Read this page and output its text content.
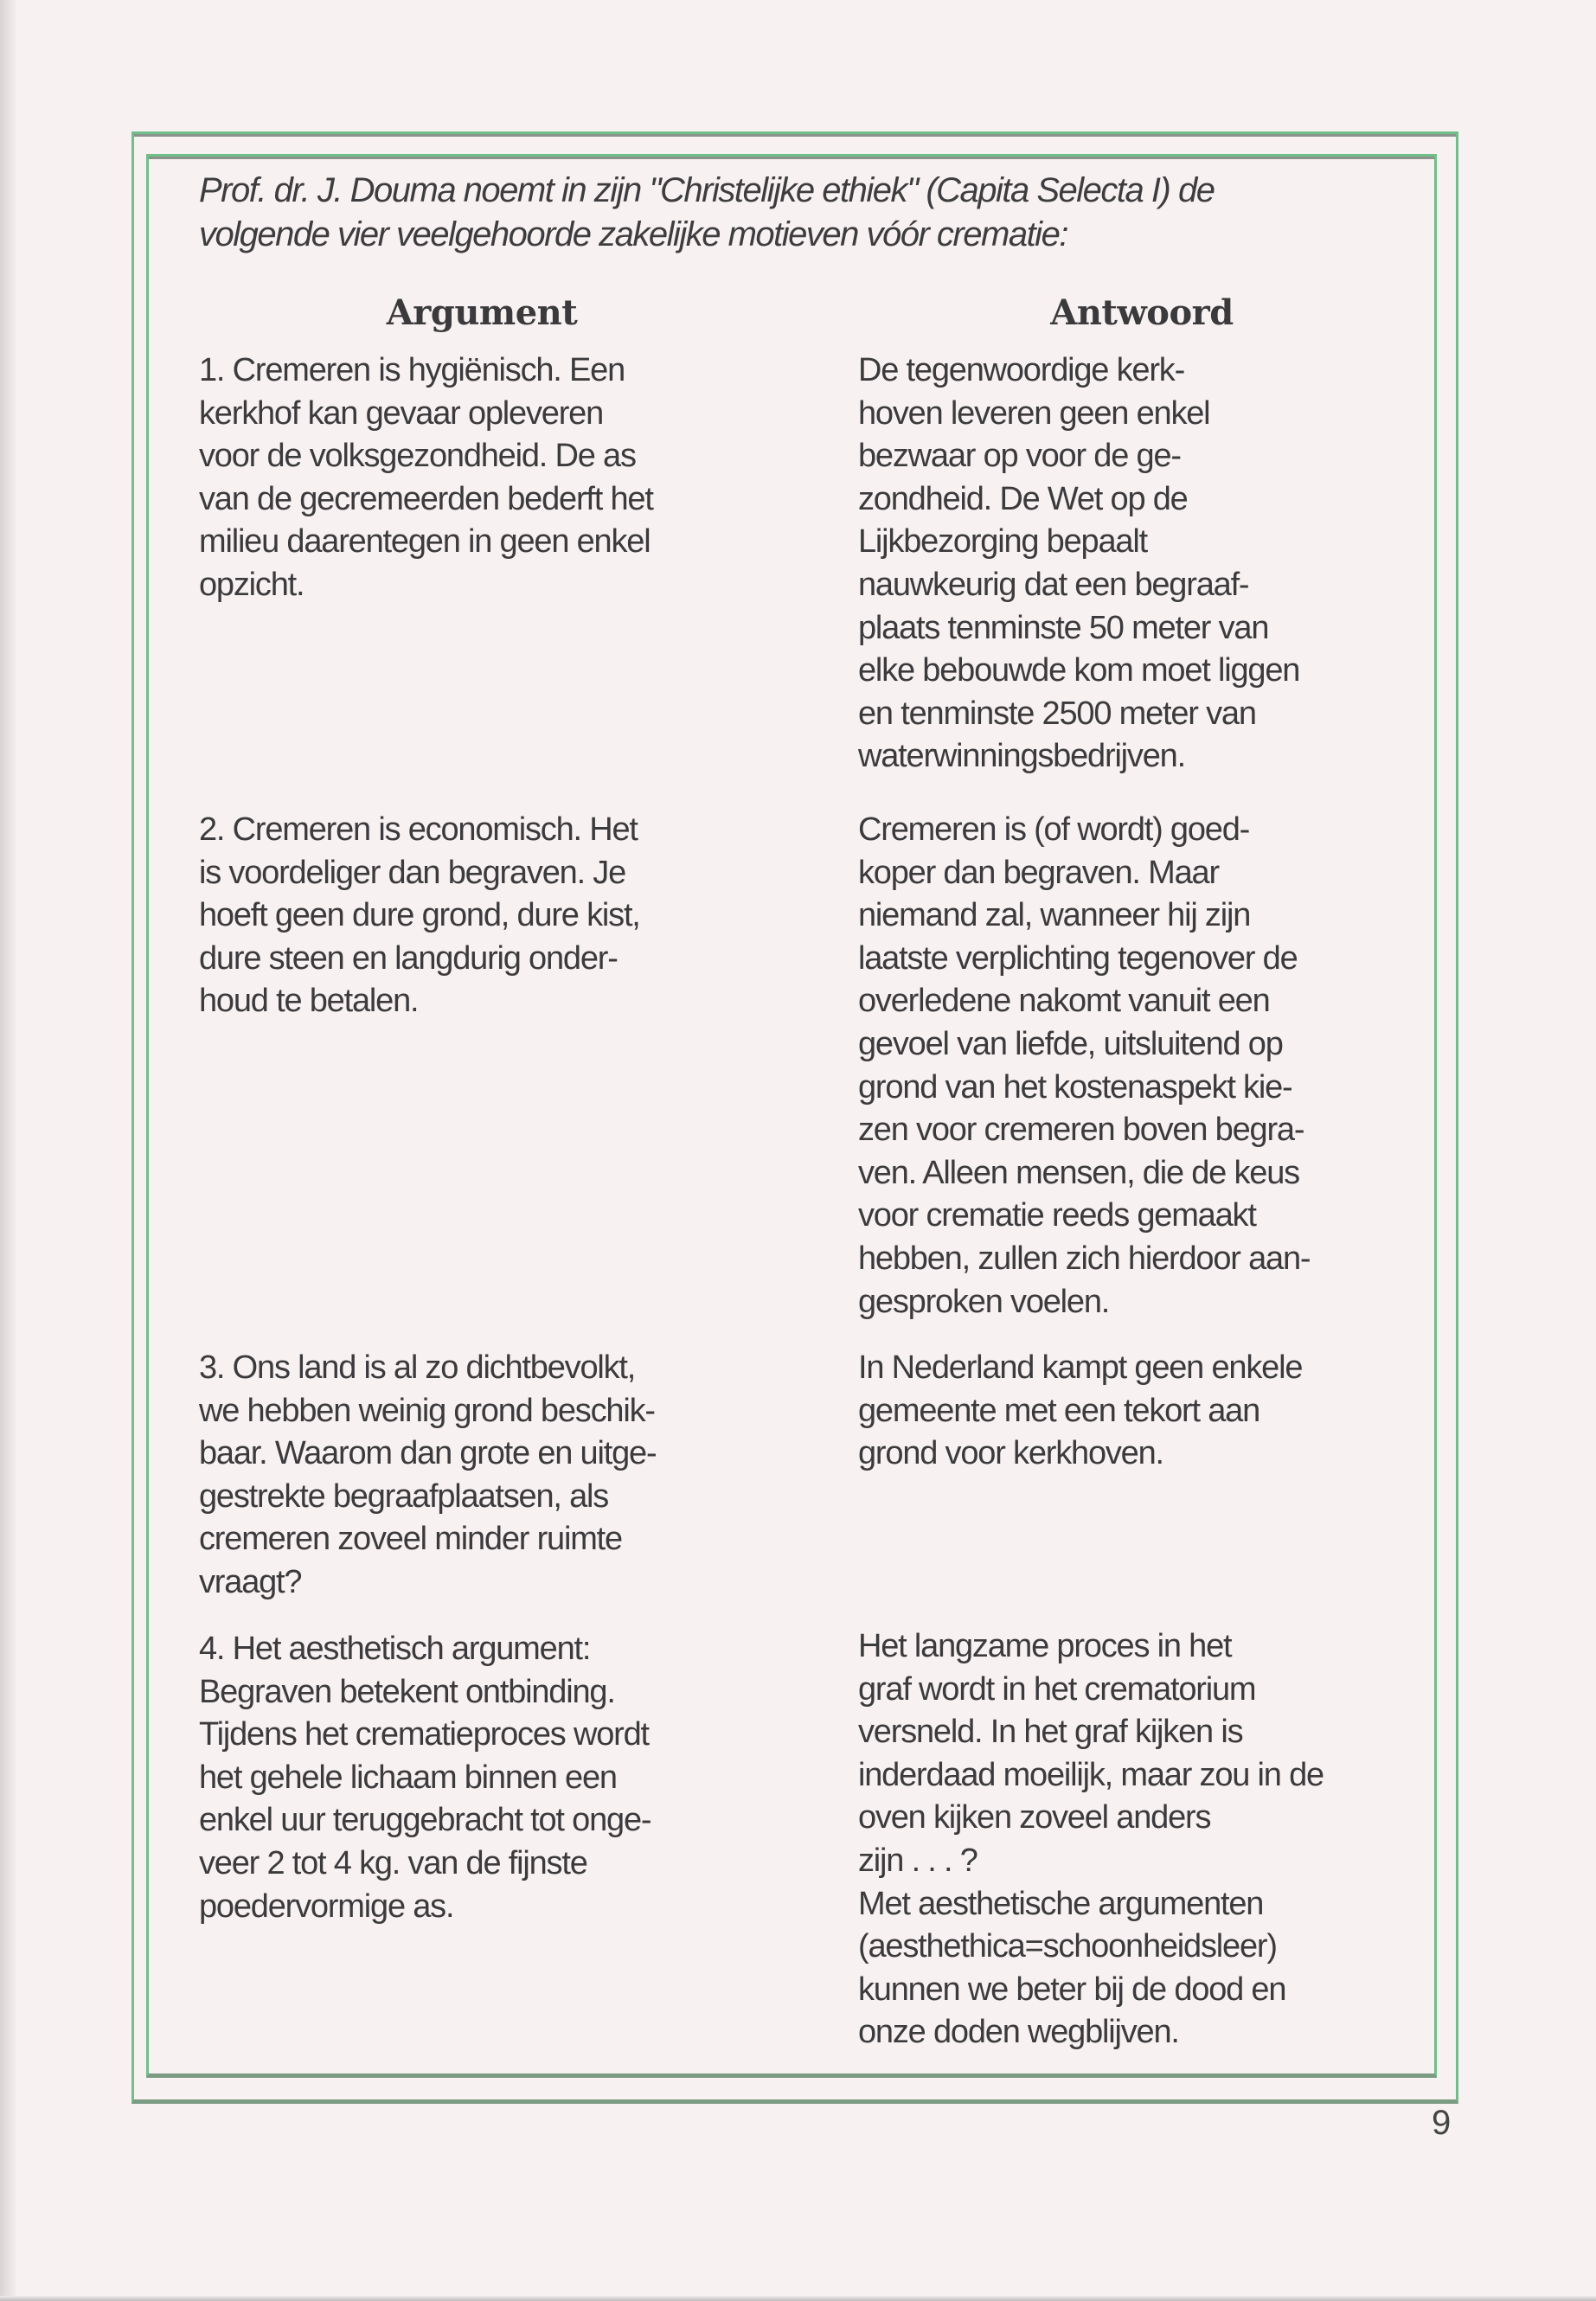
Prof. dr. J. Douma noemt in zijn "Christelijke ethiek" (Capita Selecta I) de
volgende vier veelgehoorde zakelijke motieven vóór crematie:
Argument	Antwoord
1. Cremeren is hygiënisch. Een
kerkhof kan gevaar opleveren
voor de volksgezondheid. De as
van de gecremeerden bederft het
milieu daarentegen in geen enkel
opzicht.
De tegenwoordige kerk-
hoven leveren geen enkel
bezwaar op voor de ge-
zondheid. De Wet op de
Lijkbezorging bepaalt
nauwkeurig dat een begraaf-
plaats tenminste 50 meter van
elke bebouwde kom moet liggen
en tenminste 2500 meter van
waterwinningsbedrijven.
2. Cremeren is economisch. Het
is voordeliger dan begraven. Je
hoeft geen dure grond, dure kist,
dure steen en langdurig onder-
houd te betalen.
Cremeren is (of wordt) goed-
koper dan begraven. Maar
niemand zal, wanneer hij zijn
laatste verplichting tegenover de
overledene nakomt vanuit een
gevoel van liefde, uitsluitend op
grond van het kostenaspekt kie-
zen voor cremeren boven begra-
ven. Alleen mensen, die de keus
voor crematie reeds gemaakt
hebben, zullen zich hierdoor aan-
gesproken voelen.
3. Ons land is al zo dichtbevolkt,
we hebben weinig grond beschik-
baar. Waarom dan grote en uitge-
gestrekte begraafplaatsen, als
cremeren zoveel minder ruimte
vraagt?
In Nederland kampt geen enkele
gemeente met een tekort aan
grond voor kerkhoven.
4. Het aesthetisch argument:
Begraven betekent ontbinding.
Tijdens het crematieproces wordt
het gehele lichaam binnen een
enkel uur teruggebracht tot onge-
veer 2 tot 4 kg. van de fijnste
poedervormige as.
Het langzame proces in het
graf wordt in het crematorium
versneld. In het graf kijken is
inderdaad moeilijk, maar zou in de
oven kijken zoveel anders
zijn . . . ?
Met aesthetische argumenten
(aesthethica=schoonheidsleer)
kunnen we beter bij de dood en
onze doden wegblijven.
9
